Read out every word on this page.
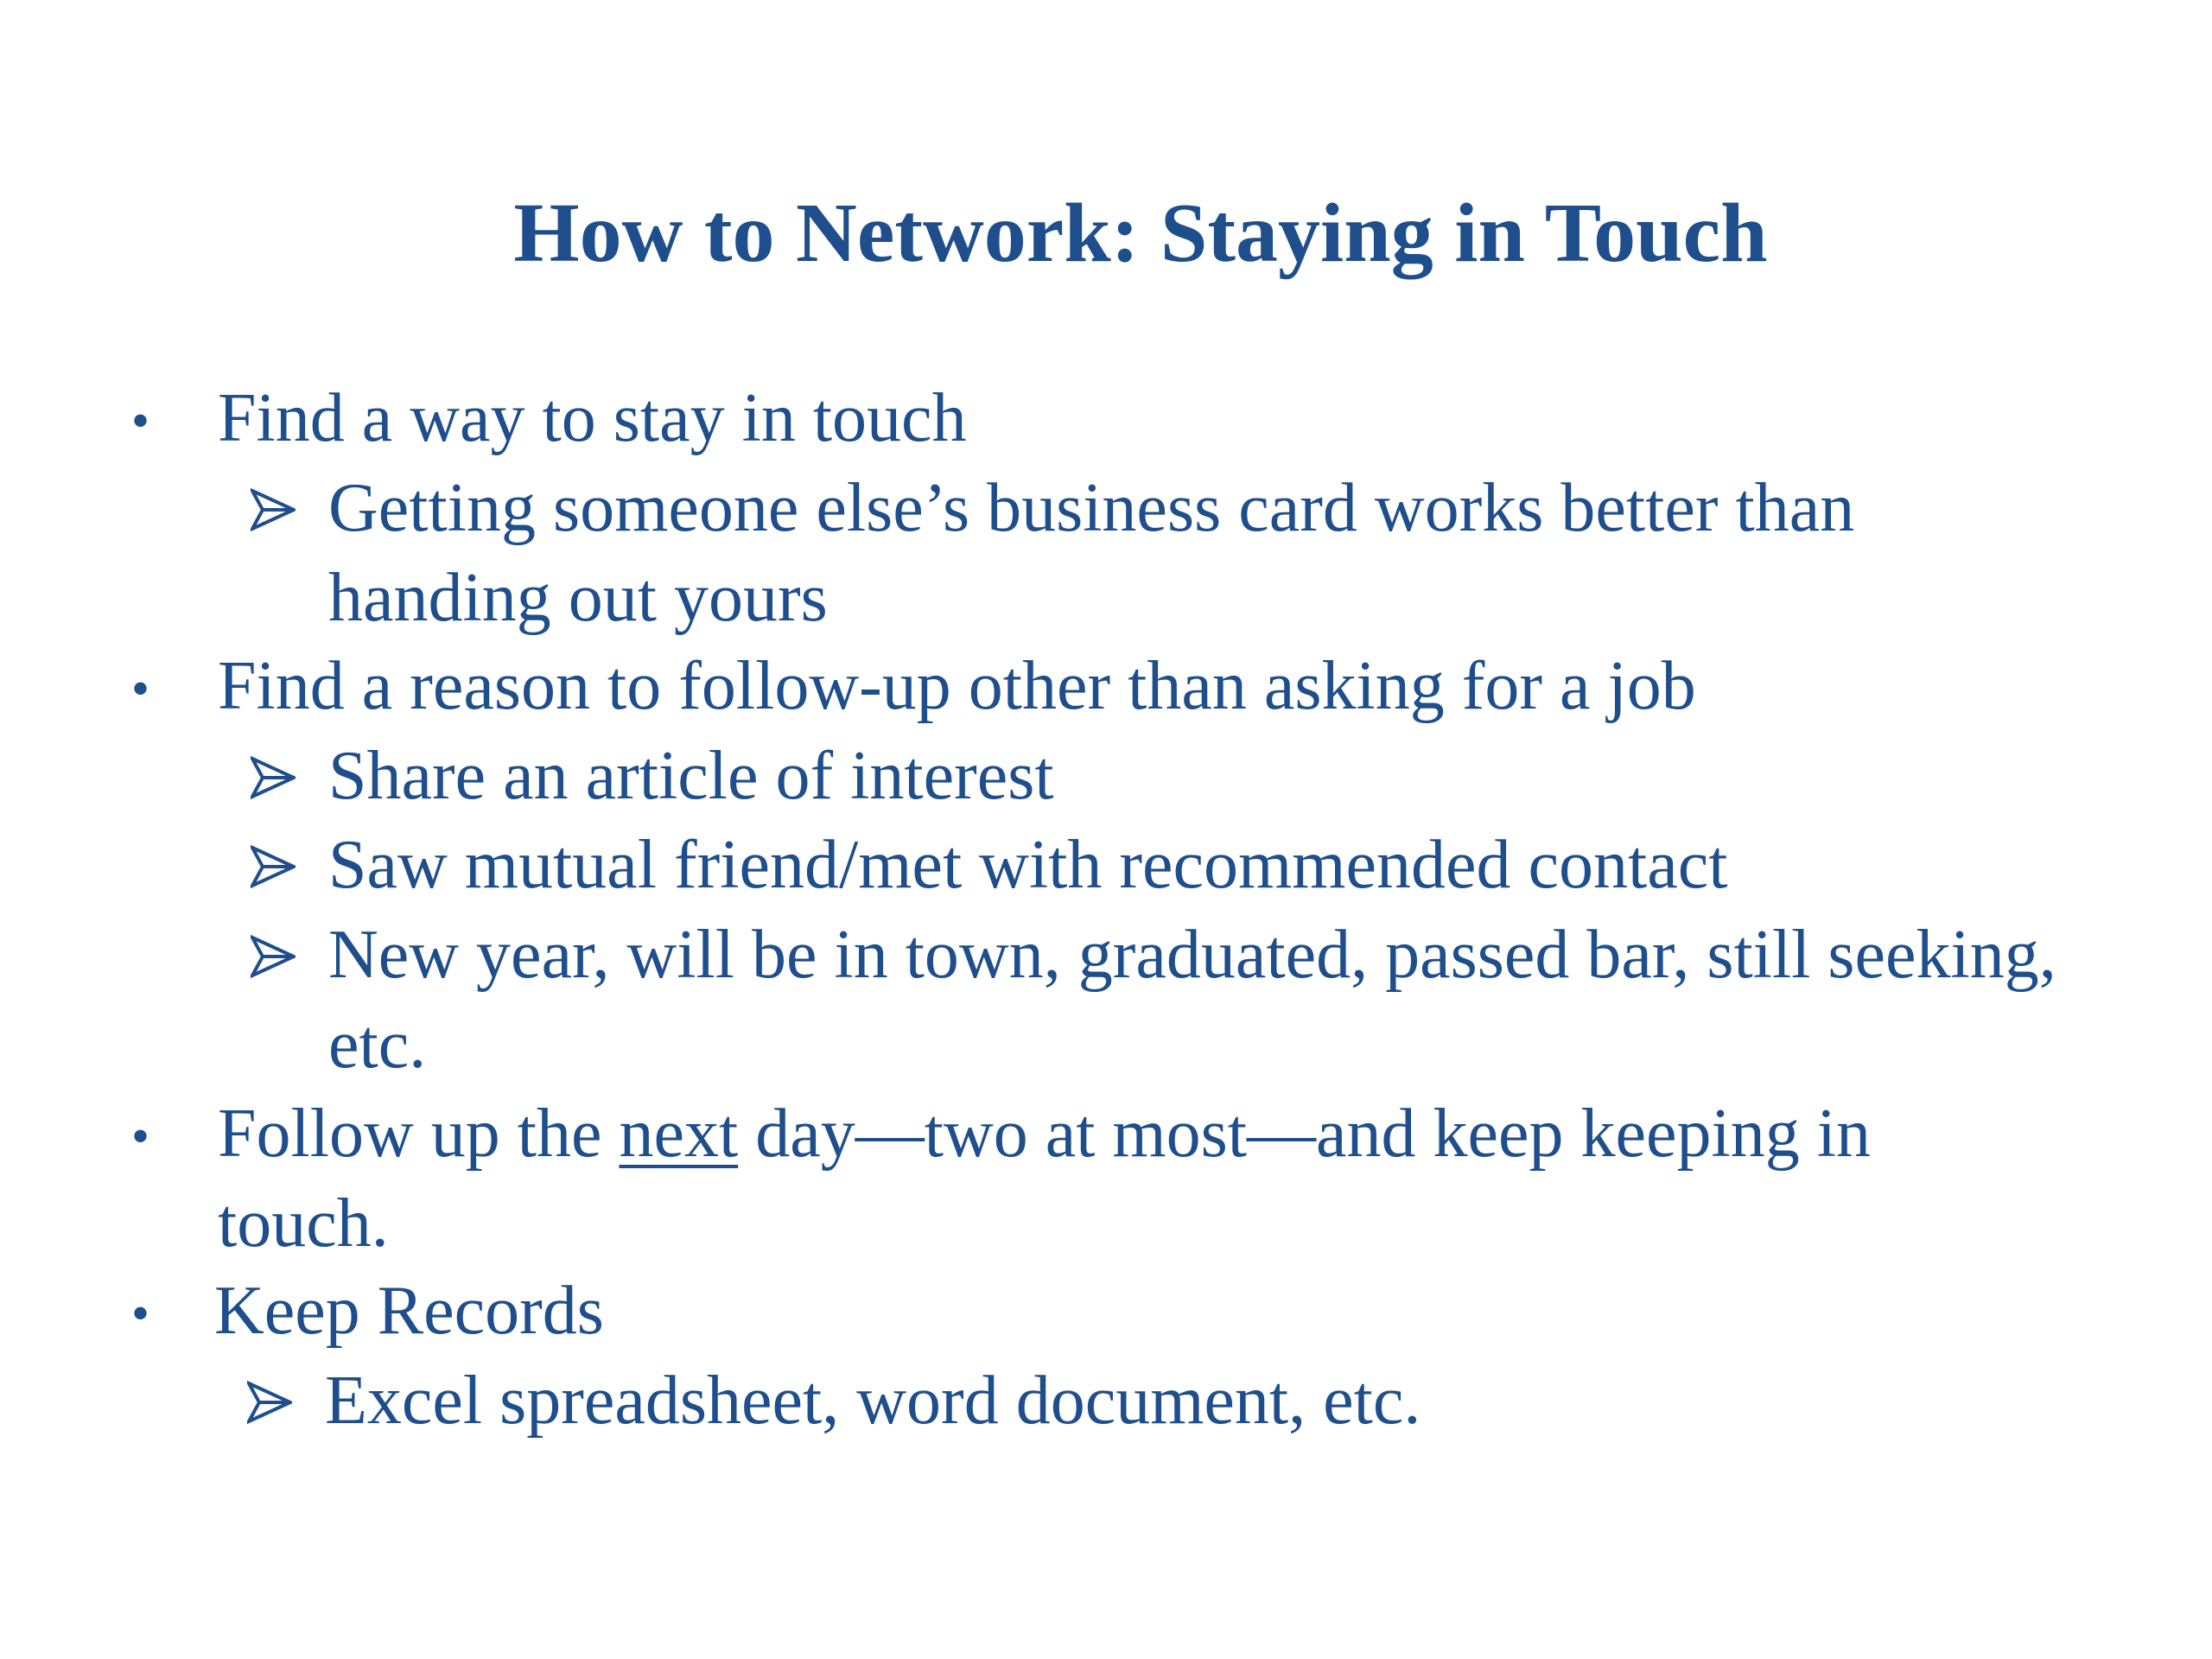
How to Network: Staying in Touch
• Find a way to stay in touch
Getting someone else’s business card works better than
handing out yours
• Find a reason to follow-up other than asking for a job
Share an article of interest
Saw mutual friend/met with recommended contact
New year, will be in town, graduated, passed bar, still seeking,
etc.
• Follow up the next day—two at most—and keep keeping in
touch.
• Keep Records
Excel spreadsheet, word document, etc.
